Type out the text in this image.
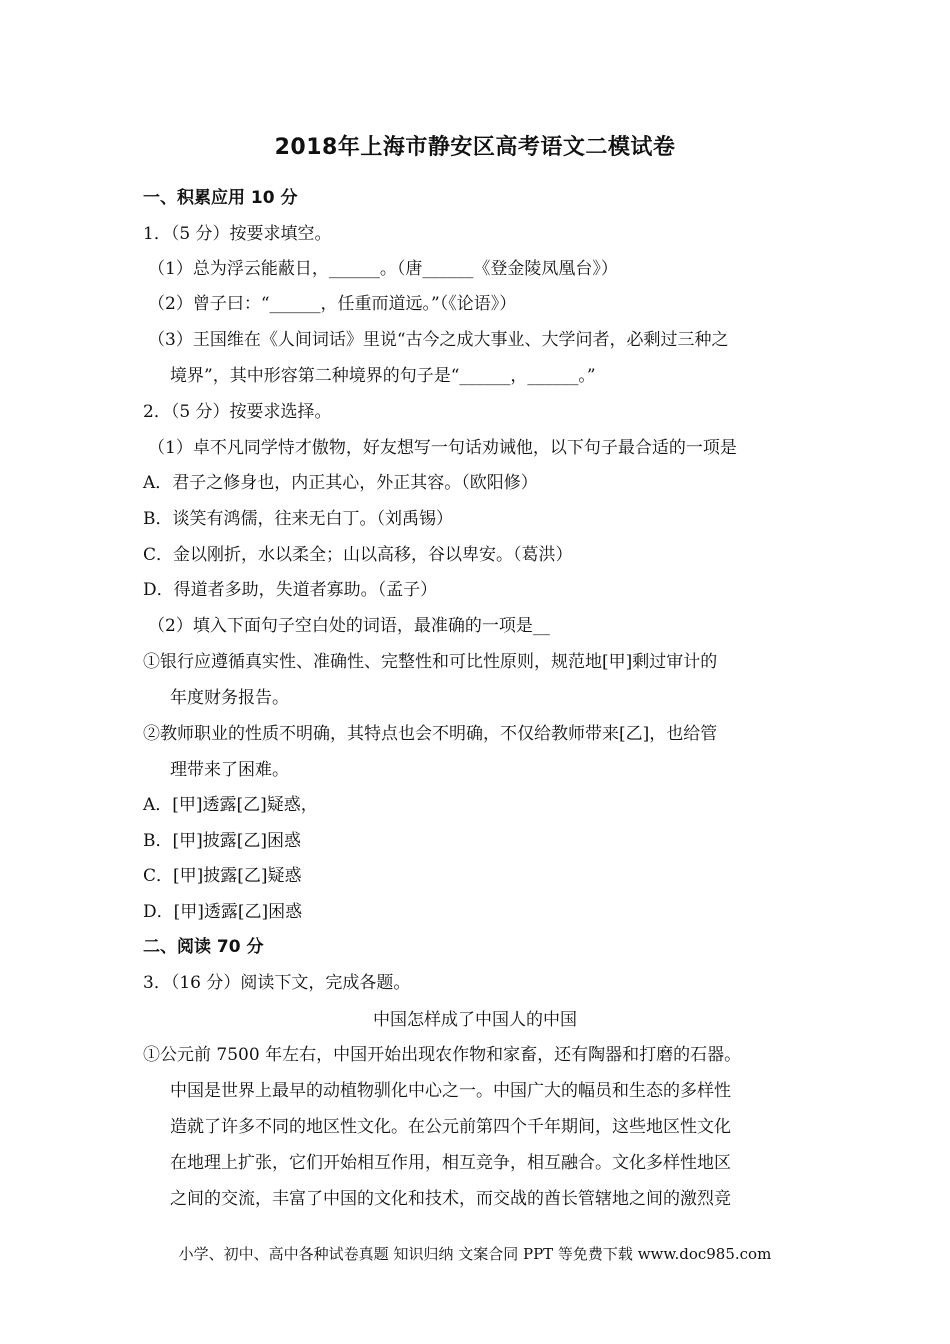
2018年上海市静安区高考语文二模试卷
一、积累应用 10 分
1．（5 分）按要求填空。
（1）总为浮云能蔽日，______。（唐______《登金陵凤凰台》）
（2）曾子曰：“______，任重而道远。”（《论语》）
（3）王国维在《人间词话》里说“古今之成大事业、大学问者，必剩过三种之
境界”，其中形容第二种境界的句子是“______，______。”
2．（5 分）按要求选择。
（1）卓不凡同学恃才傲物，好友想写一句话劝诫他，以下句子最合适的一项是
A．君子之修身也，内正其心，外正其容。（欧阳修）
B．谈笑有鸿儒，往来无白丁。（刘禹锡）
C．金以刚折，水以柔全；山以高移，谷以卑安。（葛洪）
D．得道者多助，失道者寡助。（孟子）
（2）填入下面句子空白处的词语，最准确的一项是__
①银行应遵循真实性、准确性、完整性和可比性原则，规范地[甲]剩过审计的
年度财务报告。
②教师职业的性质不明确，其特点也会不明确，不仅给教师带来[乙]，也给管
理带来了困难。
A．[甲]透露[乙]疑惑，
B．[甲]披露[乙]困惑
C．[甲]披露[乙]疑惑
D．[甲]透露[乙]困惑
二、阅读 70 分
3．（16 分）阅读下文，完成各题。
中国怎样成了中国人的中国
①公元前 7500 年左右，中国开始出现农作物和家畜，还有陶器和打磨的石器。
中国是世界上最早的动植物驯化中心之一。中国广大的幅员和生态的多样性
造就了许多不同的地区性文化。在公元前第四个千年期间，这些地区性文化
在地理上扩张，它们开始相互作用，相互竞争，相互融合。文化多样性地区
之间的交流，丰富了中国的文化和技术，而交战的酋长管辖地之间的激烈竞
小学、初中、高中各种试卷真题 知识归纳 文案合同 PPT 等免费下载 www.doc985.com
